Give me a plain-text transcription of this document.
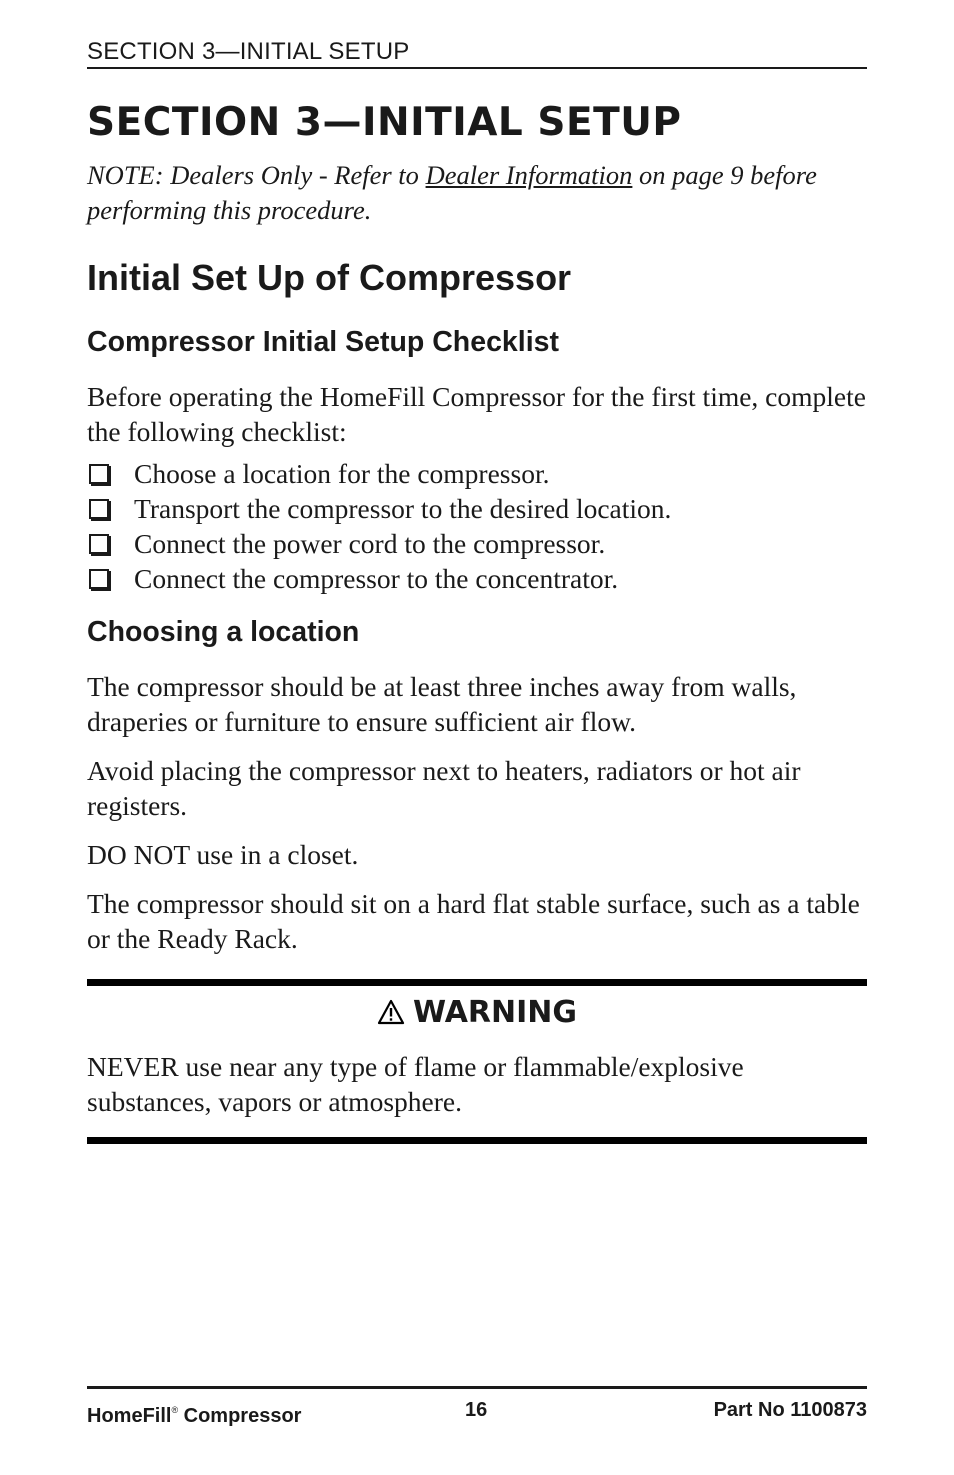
SECTION 3—INITIAL SETUP
SECTION 3—INITIAL SETUP

NOTE: Dealers Only - Refer to Dealer Information on page 9 before performing this procedure.

Initial Set Up of Compressor
Compressor Initial Setup Checklist

Before operating the HomeFill Compressor for the first time, complete the following checklist:

Choose a location for the compressor.
Transport the compressor to the desired location.
Connect the power cord to the compressor.
Connect the compressor to the concentrator.
Choosing a location

The compressor should be at least three inches away from walls, draperies or furniture to ensure sufficient air flow.

Avoid placing the compressor next to heaters, radiators or hot air registers.

DO NOT use in a closet.

The compressor should sit on a hard flat stable surface, such as a table or the Ready Rack.

WARNING

NEVER use near any type of flame or flammable/explosive substances, vapors or atmosphere.

HomeFill® Compressor	16	Part No 1100873
